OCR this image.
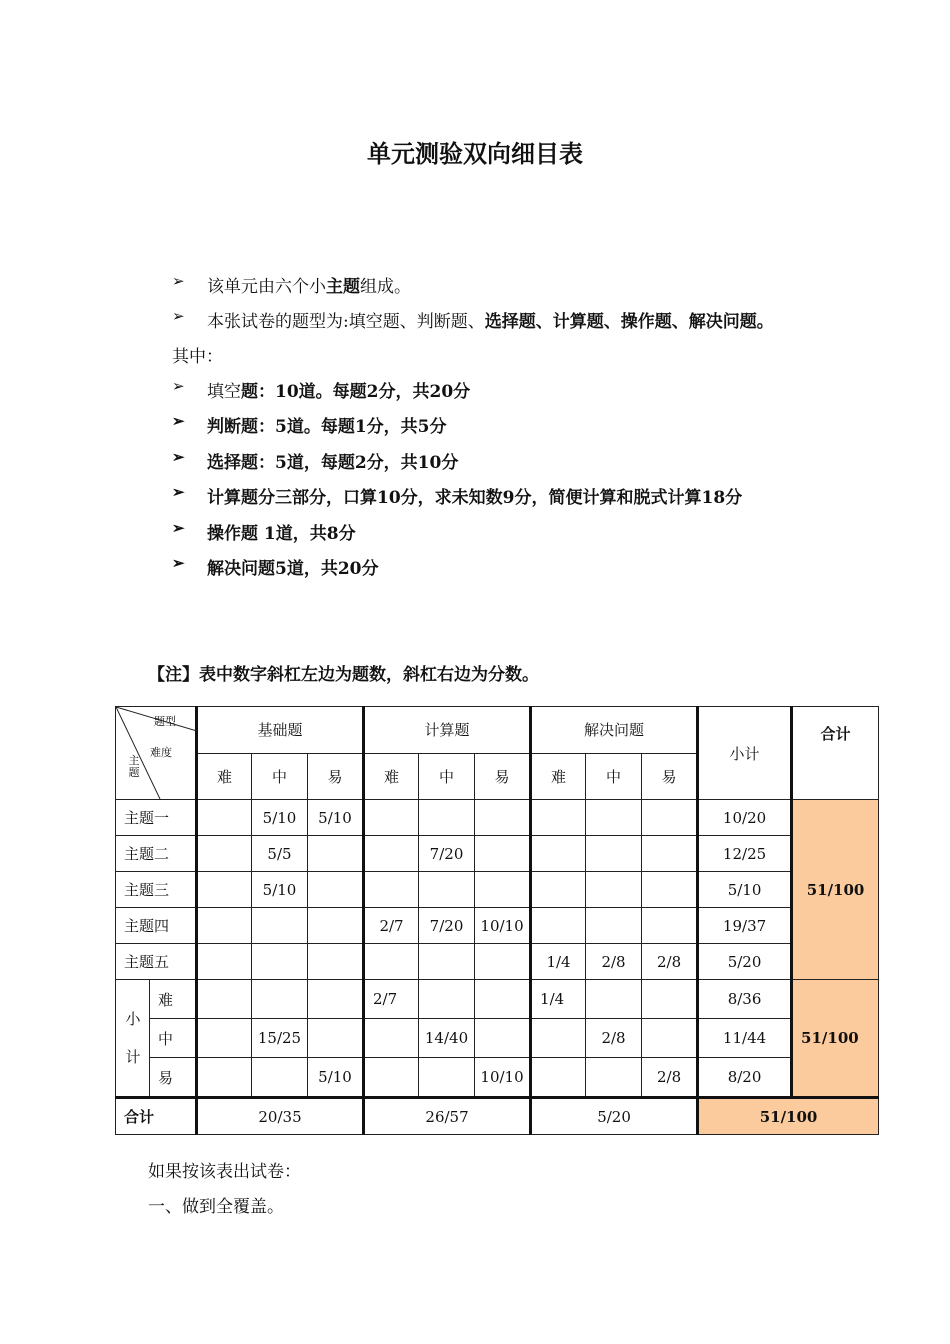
单元测验双向细目表
➢ 该单元由六个小主题组成。
➢ 本张试卷的题型为:填空题、判断题、选择题、计算题、操作题、解决问题。
其中：
➢ 填空题：10道。每题2分，共20分
➢ 判断题：5道。每题1分，共5分
➢ 选择题：5道，每题2分，共10分
➢ 计算题分三部分，口算10分，求未知数9分，简便计算和脱式计算18分
➢ 操作题 1道，共8分
➢ 解决问题5道，共20分
【注】表中数字斜杠左边为题数，斜杠右边为分数。
题型
难度
主题		基础题			计算题			解决问题			小计	合计
		难	中	易	难	中	易	难	中	易		
主题一			5/10	5/10							10/20	51/100
主题二			5/5			7/20					12/25	
主题三			5/10								5/10	
主题四					2/7	7/20	10/10				19/37	
主题五								1/4	2/8	2/8	5/20	

小
计	难				2/7			1/4			8/36	51/100
	中		15/25			14/40			2/8		11/44	
	易			5/10			10/10			2/8	8/20	
合计		20/35			26/57			5/20			51/100	
如果按该表出试卷：
一、做到全覆盖。
